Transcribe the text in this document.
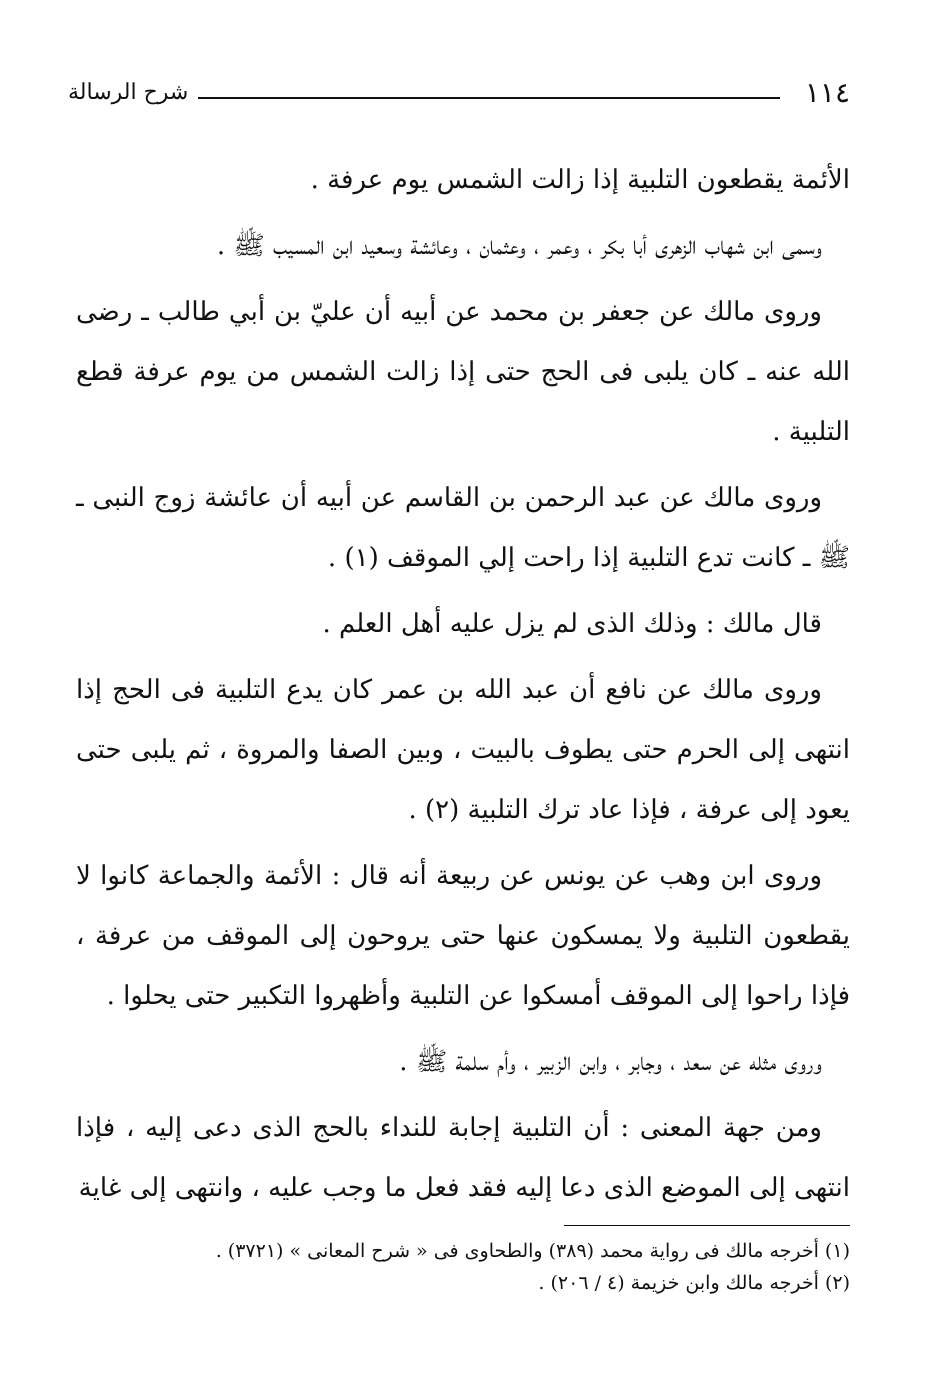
شرح الرسالة	١١٤

الأئمة يقطعون التلبية إذا زالت الشمس يوم عرفة .

وسمى ابن شهاب الزهرى أبا بكر ، وعمر ، وعثمان ، وعائشة وسعيد ابن المسيب ﷺ .

وروى مالك عن جعفر بن محمد عن أبيه أن عليّ بن أبي طالب ـ رضى الله عنه ـ كان يلبى فى الحج حتى إذا زالت الشمس من يوم عرفة قطع التلبية .

وروى مالك عن عبد الرحمن بن القاسم عن أبيه أن عائشة زوج النبى ـ ﷺ ـ كانت تدع التلبية إذا راحت إلي الموقف (١) .

قال مالك : وذلك الذى لم يزل عليه أهل العلم .

وروى مالك عن نافع أن عبد الله بن عمر كان يدع التلبية فى الحج إذا انتهى إلى الحرم حتى يطوف بالبيت ، وبين الصفا والمروة ، ثم يلبى حتى يعود إلى عرفة ، فإذا عاد ترك التلبية (٢) .

وروى ابن وهب عن يونس عن ربيعة أنه قال : الأئمة والجماعة كانوا لا يقطعون التلبية ولا يمسكون عنها حتى يروحون إلى الموقف من عرفة ، فإذا راحوا إلى الموقف أمسكوا عن التلبية وأظهروا التكبير حتى يحلوا .

وروى مثله عن سعد ، وجابر ، وابن الزبير ، وأم سلمة ﷺ .

ومن جهة المعنى : أن التلبية إجابة للنداء بالحج الذى دعى إليه ، فإذا انتهى إلى الموضع الذى دعا إليه فقد فعل ما وجب عليه ، وانتهى إلى غاية

(١) أخرجه مالك فى رواية محمد (٣٨٩) والطحاوى فى « شرح المعانى » (٣٧٢١) .

(٢) أخرجه مالك وابن خزيمة (٤ / ٢٠٦) .
